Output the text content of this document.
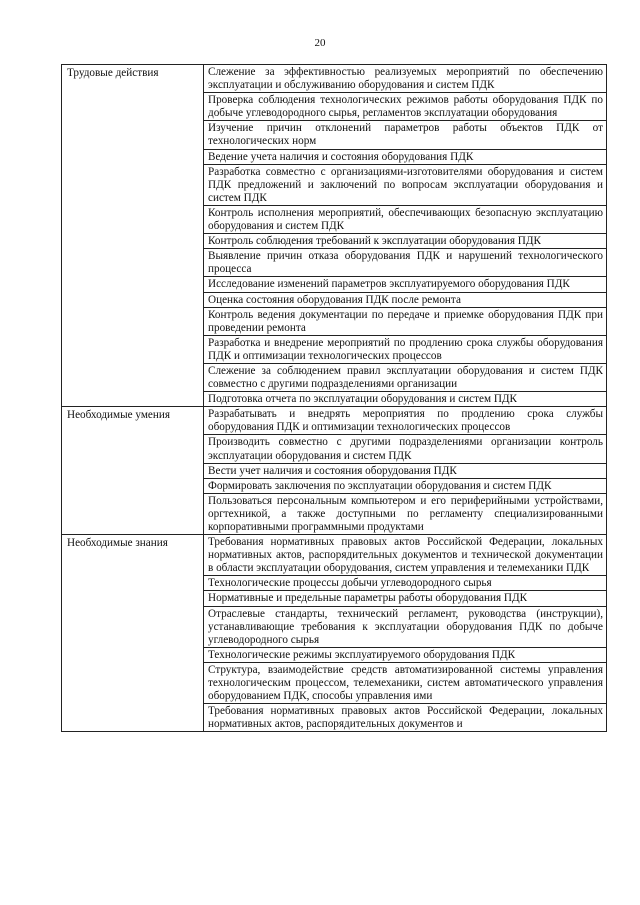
20
Трудовые действия	Слежение за эффективностью реализуемых мероприятий по обеспечению эксплуатации и обслуживанию оборудования и систем ПДК
	Проверка соблюдения технологических режимов работы оборудования ПДК по добыче углеводородного сырья, регламентов эксплуатации оборудования
	Изучение причин отклонений параметров работы объектов ПДК от технологических норм
	Ведение учета наличия и состояния оборудования ПДК
	Разработка совместно с организациями-изготовителями оборудования и систем ПДК предложений и заключений по вопросам эксплуатации оборудования и систем ПДК
	Контроль исполнения мероприятий, обеспечивающих безопасную эксплуатацию оборудования и систем ПДК
	Контроль соблюдения требований к эксплуатации оборудования ПДК
	Выявление причин отказа оборудования ПДК и нарушений технологического процесса
	Исследование изменений параметров эксплуатируемого оборудования ПДК
	Оценка состояния оборудования ПДК после ремонта
	Контроль ведения документации по передаче и приемке оборудования ПДК при проведении ремонта
	Разработка и внедрение мероприятий по продлению срока службы оборудования ПДК и оптимизации технологических процессов
	Слежение за соблюдением правил эксплуатации оборудования и систем ПДК совместно с другими подразделениями организации
	Подготовка отчета по эксплуатации оборудования и систем ПДК
Необходимые умения	Разрабатывать и внедрять мероприятия по продлению срока службы оборудования ПДК и оптимизации технологических процессов
	Производить совместно с другими подразделениями организации контроль эксплуатации оборудования и систем ПДК
	Вести учет наличия и состояния оборудования ПДК
	Формировать заключения по эксплуатации оборудования и систем ПДК
	Пользоваться персональным компьютером и его периферийными устройствами, оргтехникой, а также доступными по регламенту специализированными корпоративными программными продуктами
Необходимые знания	Требования нормативных правовых актов Российской Федерации, локальных нормативных актов, распорядительных документов и технической документации в области эксплуатации оборудования, систем управления и телемеханики ПДК
	Технологические процессы добычи углеводородного сырья
	Нормативные и предельные параметры работы оборудования ПДК
	Отраслевые стандарты, технический регламент, руководства (инструкции), устанавливающие требования к эксплуатации оборудования ПДК по добыче углеводородного сырья
	Технологические режимы эксплуатируемого оборудования ПДК
	Структура, взаимодействие средств автоматизированной системы управления технологическим процессом, телемеханики, систем автоматического управления оборудованием ПДК, способы управления ими
	Требования нормативных правовых актов Российской Федерации, локальных нормативных актов, распорядительных документов и
